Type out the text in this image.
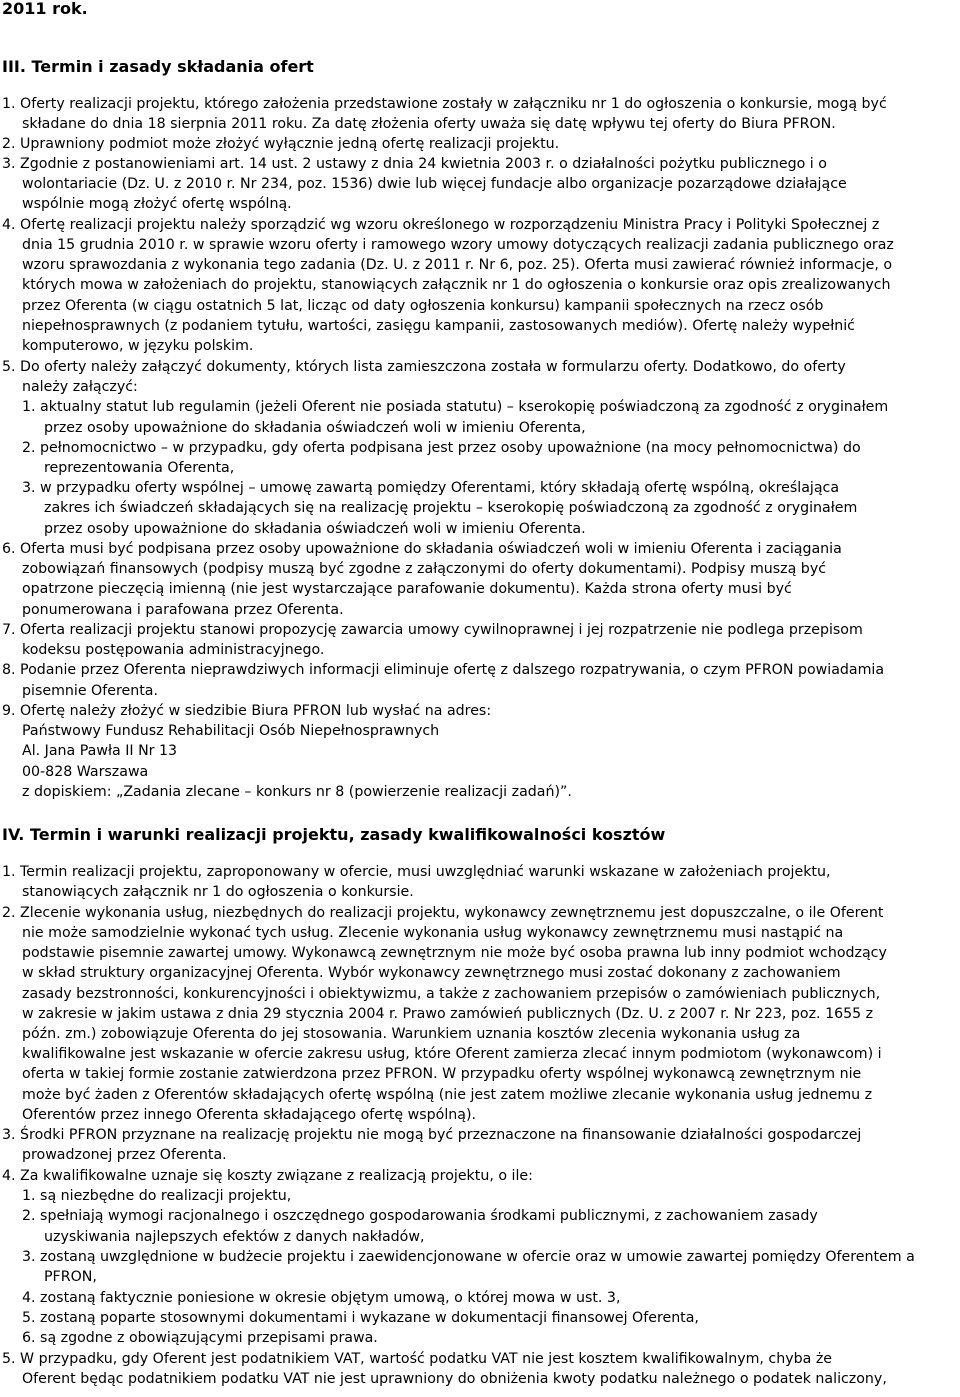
2011 rok.
III. Termin i zasady składania ofert
1. Oferty realizacji projektu, którego założenia przedstawione zostały w załączniku nr 1 do ogłoszenia o konkursie, mogą być
składane do dnia 18 sierpnia 2011 roku. Za datę złożenia oferty uważa się datę wpływu tej oferty do Biura PFRON.
2. Uprawniony podmiot może złożyć wyłącznie jedną ofertę realizacji projektu.
3. Zgodnie z postanowieniami art. 14 ust. 2 ustawy z dnia 24 kwietnia 2003 r. o działalności pożytku publicznego i o
wolontariacie (Dz. U. z 2010 r. Nr 234, poz. 1536) dwie lub więcej fundacje albo organizacje pozarządowe działające
wspólnie mogą złożyć ofertę wspólną.
4. Ofertę realizacji projektu należy sporządzić wg wzoru określonego w rozporządzeniu Ministra Pracy i Polityki Społecznej z
dnia 15 grudnia 2010 r. w sprawie wzoru oferty i ramowego wzory umowy dotyczących realizacji zadania publicznego oraz
wzoru sprawozdania z wykonania tego zadania (Dz. U. z 2011 r. Nr 6, poz. 25). Oferta musi zawierać również informacje, o
których mowa w założeniach do projektu, stanowiących załącznik nr 1 do ogłoszenia o konkursie oraz opis zrealizowanych
przez Oferenta (w ciągu ostatnich 5 lat, licząc od daty ogłoszenia konkursu) kampanii społecznych na rzecz osób
niepełnosprawnych (z podaniem tytułu, wartości, zasięgu kampanii, zastosowanych mediów). Ofertę należy wypełnić
komputerowo, w języku polskim.
5. Do oferty należy załączyć dokumenty, których lista zamieszczona została w formularzu oferty. Dodatkowo, do oferty
należy załączyć:
1. aktualny statut lub regulamin (jeżeli Oferent nie posiada statutu) – kserokopię poświadczoną za zgodność z oryginałem
przez osoby upoważnione do składania oświadczeń woli w imieniu Oferenta,
2. pełnomocnictwo – w przypadku, gdy oferta podpisana jest przez osoby upoważnione (na mocy pełnomocnictwa) do
reprezentowania Oferenta,
3. w przypadku oferty wspólnej – umowę zawartą pomiędzy Oferentami, który składają ofertę wspólną, określająca
zakres ich świadczeń składających się na realizację projektu – kserokopię poświadczoną za zgodność z oryginałem
przez osoby upoważnione do składania oświadczeń woli w imieniu Oferenta.
6. Oferta musi być podpisana przez osoby upoważnione do składania oświadczeń woli w imieniu Oferenta i zaciągania
zobowiązań finansowych (podpisy muszą być zgodne z załączonymi do oferty dokumentami). Podpisy muszą być
opatrzone pieczęcią imienną (nie jest wystarczające parafowanie dokumentu). Każda strona oferty musi być
ponumerowana i parafowana przez Oferenta.
7. Oferta realizacji projektu stanowi propozycję zawarcia umowy cywilnoprawnej i jej rozpatrzenie nie podlega przepisom
kodeksu postępowania administracyjnego.
8. Podanie przez Oferenta nieprawdziwych informacji eliminuje ofertę z dalszego rozpatrywania, o czym PFRON powiadamia
pisemnie Oferenta.
9. Ofertę należy złożyć w siedzibie Biura PFRON lub wysłać na adres:
Państwowy Fundusz Rehabilitacji Osób Niepełnosprawnych
Al. Jana Pawła II Nr 13
00-828 Warszawa
z dopiskiem: „Zadania zlecane – konkurs nr 8 (powierzenie realizacji zadań)”.
IV. Termin i warunki realizacji projektu, zasady kwalifikowalności kosztów
1. Termin realizacji projektu, zaproponowany w ofercie, musi uwzględniać warunki wskazane w założeniach projektu,
stanowiących załącznik nr 1 do ogłoszenia o konkursie.
2. Zlecenie wykonania usług, niezbędnych do realizacji projektu, wykonawcy zewnętrznemu jest dopuszczalne, o ile Oferent
nie może samodzielnie wykonać tych usług. Zlecenie wykonania usług wykonawcy zewnętrznemu musi nastąpić na
podstawie pisemnie zawartej umowy. Wykonawcą zewnętrznym nie może być osoba prawna lub inny podmiot wchodzący
w skład struktury organizacyjnej Oferenta. Wybór wykonawcy zewnętrznego musi zostać dokonany z zachowaniem
zasady bezstronności, konkurencyjności i obiektywizmu, a także z zachowaniem przepisów o zamówieniach publicznych,
w zakresie w jakim ustawa z dnia 29 stycznia 2004 r. Prawo zamówień publicznych (Dz. U. z 2007 r. Nr 223, poz. 1655 z
późn. zm.) zobowiązuje Oferenta do jej stosowania. Warunkiem uznania kosztów zlecenia wykonania usług za
kwalifikowalne jest wskazanie w ofercie zakresu usług, które Oferent zamierza zlecać innym podmiotom (wykonawcom) i
oferta w takiej formie zostanie zatwierdzona przez PFRON. W przypadku oferty wspólnej wykonawcą zewnętrznym nie
może być żaden z Oferentów składających ofertę wspólną (nie jest zatem możliwe zlecanie wykonania usług jednemu z
Oferentów przez innego Oferenta składającego ofertę wspólną).
3. Środki PFRON przyznane na realizację projektu nie mogą być przeznaczone na finansowanie działalności gospodarczej
prowadzonej przez Oferenta.
4. Za kwalifikowalne uznaje się koszty związane z realizacją projektu, o ile:
1. są niezbędne do realizacji projektu,
2. spełniają wymogi racjonalnego i oszczędnego gospodarowania środkami publicznymi, z zachowaniem zasady
uzyskiwania najlepszych efektów z danych nakładów,
3. zostaną uwzględnione w budżecie projektu i zaewidencjonowane w ofercie oraz w umowie zawartej pomiędzy Oferentem a
PFRON,
4. zostaną faktycznie poniesione w okresie objętym umową, o której mowa w ust. 3,
5. zostaną poparte stosownymi dokumentami i wykazane w dokumentacji finansowej Oferenta,
6. są zgodne z obowiązującymi przepisami prawa.
5. W przypadku, gdy Oferent jest podatnikiem VAT, wartość podatku VAT nie jest kosztem kwalifikowalnym, chyba że
Oferent będąc podatnikiem podatku VAT nie jest uprawniony do obniżenia kwoty podatku należnego o podatek naliczony,
